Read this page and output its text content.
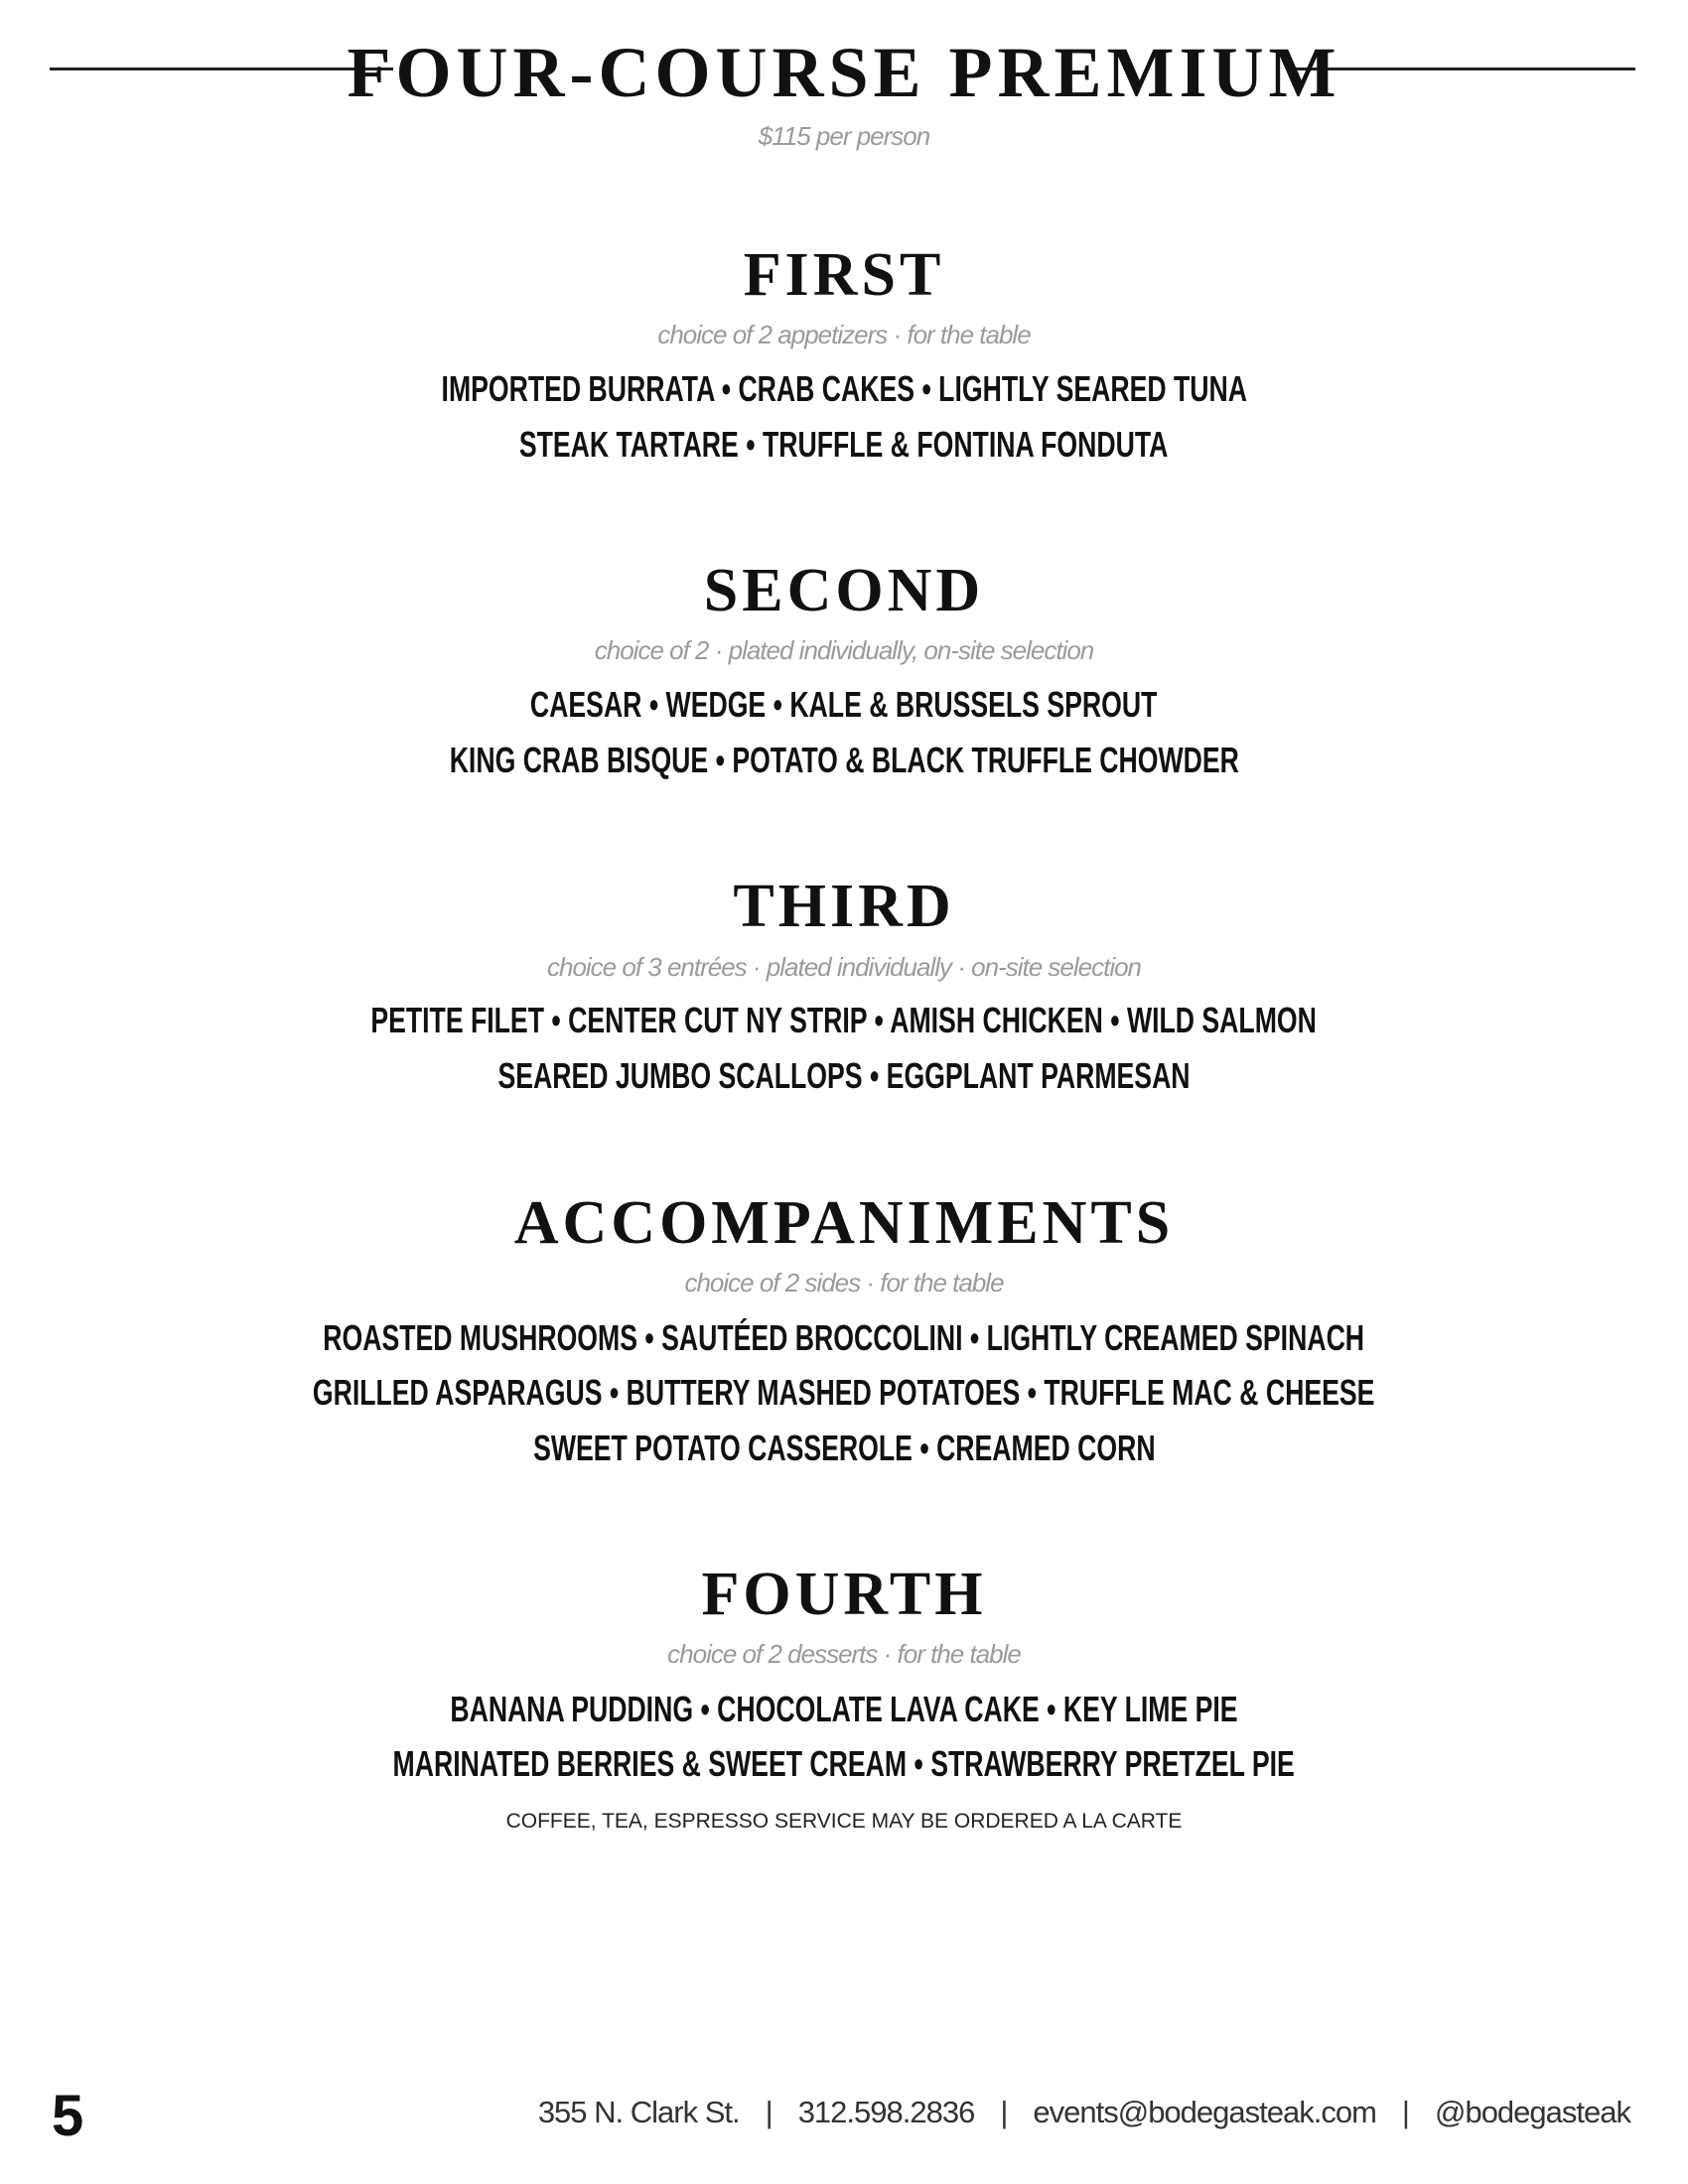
FOUR-COURSE PREMIUM
$115 per person
FIRST
choice of 2 appetizers · for the table
IMPORTED BURRATA • CRAB CAKES • LIGHTLY SEARED TUNA
STEAK TARTARE • TRUFFLE & FONTINA FONDUTA
SECOND
choice of 2 · plated individually, on-site selection
CAESAR • WEDGE • KALE & BRUSSELS SPROUT
KING CRAB BISQUE • POTATO & BLACK TRUFFLE CHOWDER
THIRD
choice of 3 entrées · plated individually · on-site selection
PETITE FILET • CENTER CUT NY STRIP • AMISH CHICKEN • WILD SALMON
SEARED JUMBO SCALLOPS • EGGPLANT PARMESAN
ACCOMPANIMENTS
choice of 2 sides · for the table
ROASTED MUSHROOMS • SAUTÉED BROCCOLINI • LIGHTLY CREAMED SPINACH
GRILLED ASPARAGUS • BUTTERY MASHED POTATOES • TRUFFLE MAC & CHEESE
SWEET POTATO CASSEROLE • CREAMED CORN
FOURTH
choice of 2 desserts · for the table
BANANA PUDDING • CHOCOLATE LAVA CAKE • KEY LIME PIE
MARINATED BERRIES & SWEET CREAM • STRAWBERRY PRETZEL PIE
COFFEE, TEA, ESPRESSO SERVICE MAY BE ORDERED A LA CARTE
5	355 N. Clark St. | 312.598.2836 | events@bodegasteak.com | @bodegasteak
